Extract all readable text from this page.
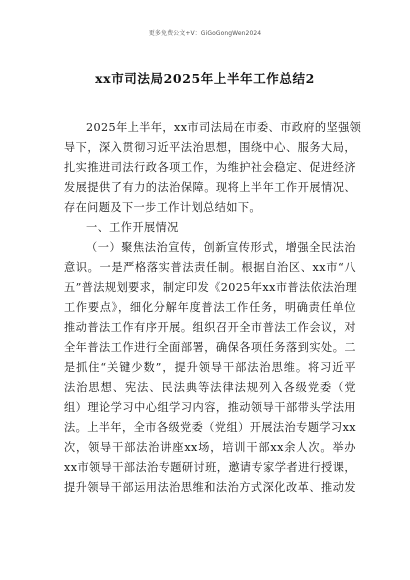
更多免费公文+V：GiGoGongWen2024
xx市司法局2025年上半年工作总结2
2025年上半年，xx市司法局在市委、市政府的坚强领
导下，深入贯彻习近平法治思想，围绕中心、服务大局，
扎实推进司法行政各项工作，为维护社会稳定、促进经济
发展提供了有力的法治保障。现将上半年工作开展情况、
存在问题及下一步工作计划总结如下。
一、工作开展情况
（一）聚焦法治宣传，创新宣传形式，增强全民法治
意识。一是严格落实普法责任制。根据自治区、xx市“八
五”普法规划要求，制定印发《2025年xx市普法依法治理
工作要点》，细化分解年度普法工作任务，明确责任单位
推动普法工作有序开展。组织召开全市普法工作会议，对
全年普法工作进行全面部署，确保各项任务落到实处。二
是抓住“关键少数”，提升领导干部法治思维。将习近平
法治思想、宪法、民法典等法律法规列入各级党委（党
组）理论学习中心组学习内容，推动领导干部带头学法用
法。上半年，全市各级党委（党组）开展法治专题学习xx
次，领导干部法治讲座xx场，培训干部xx余人次。举办
xx市领导干部法治专题研讨班，邀请专家学者进行授课，
提升领导干部运用法治思维和法治方式深化改革、推动发
